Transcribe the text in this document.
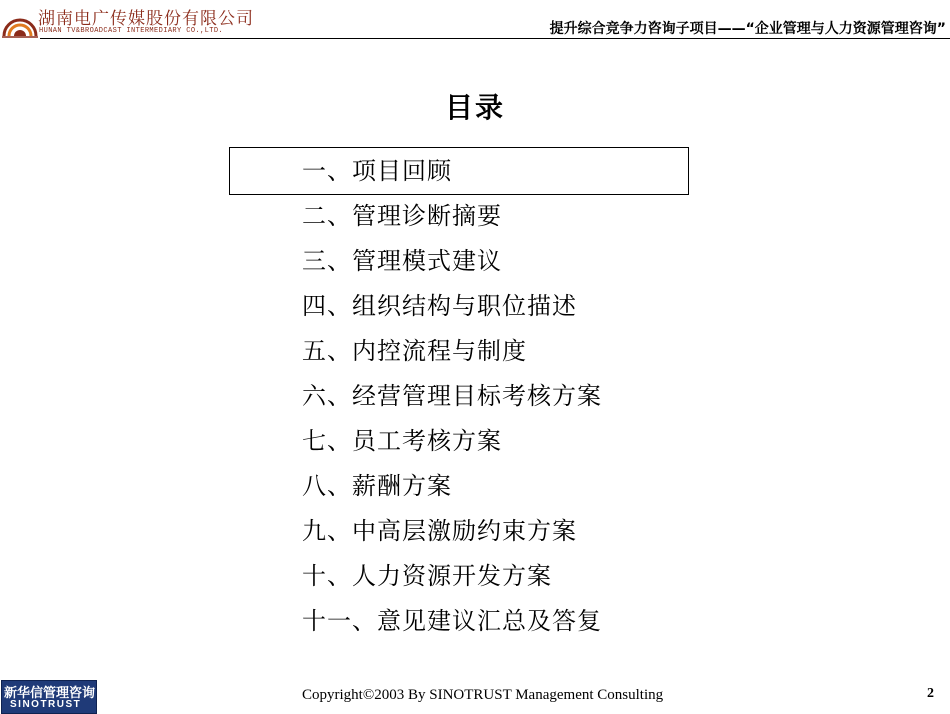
湖南电广传媒股份有限公司
HUNAN TV&BROADCAST INTERMEDIARY CO.,LTD.	提升综合竞争力咨询子项目——“企业管理与人力资源管理咨询”
目录
一、项目回顾
二、管理诊断摘要
三、管理模式建议
四、组织结构与职位描述
五、内控流程与制度
六、经营管理目标考核方案
七、员工考核方案
八、薪酬方案
九、中高层激励约束方案
十、人力资源开发方案
十一、意见建议汇总及答复
新华信管理咨询
SINOTRUST
Copyright©2003 By SINOTRUST Management Consulting	2
